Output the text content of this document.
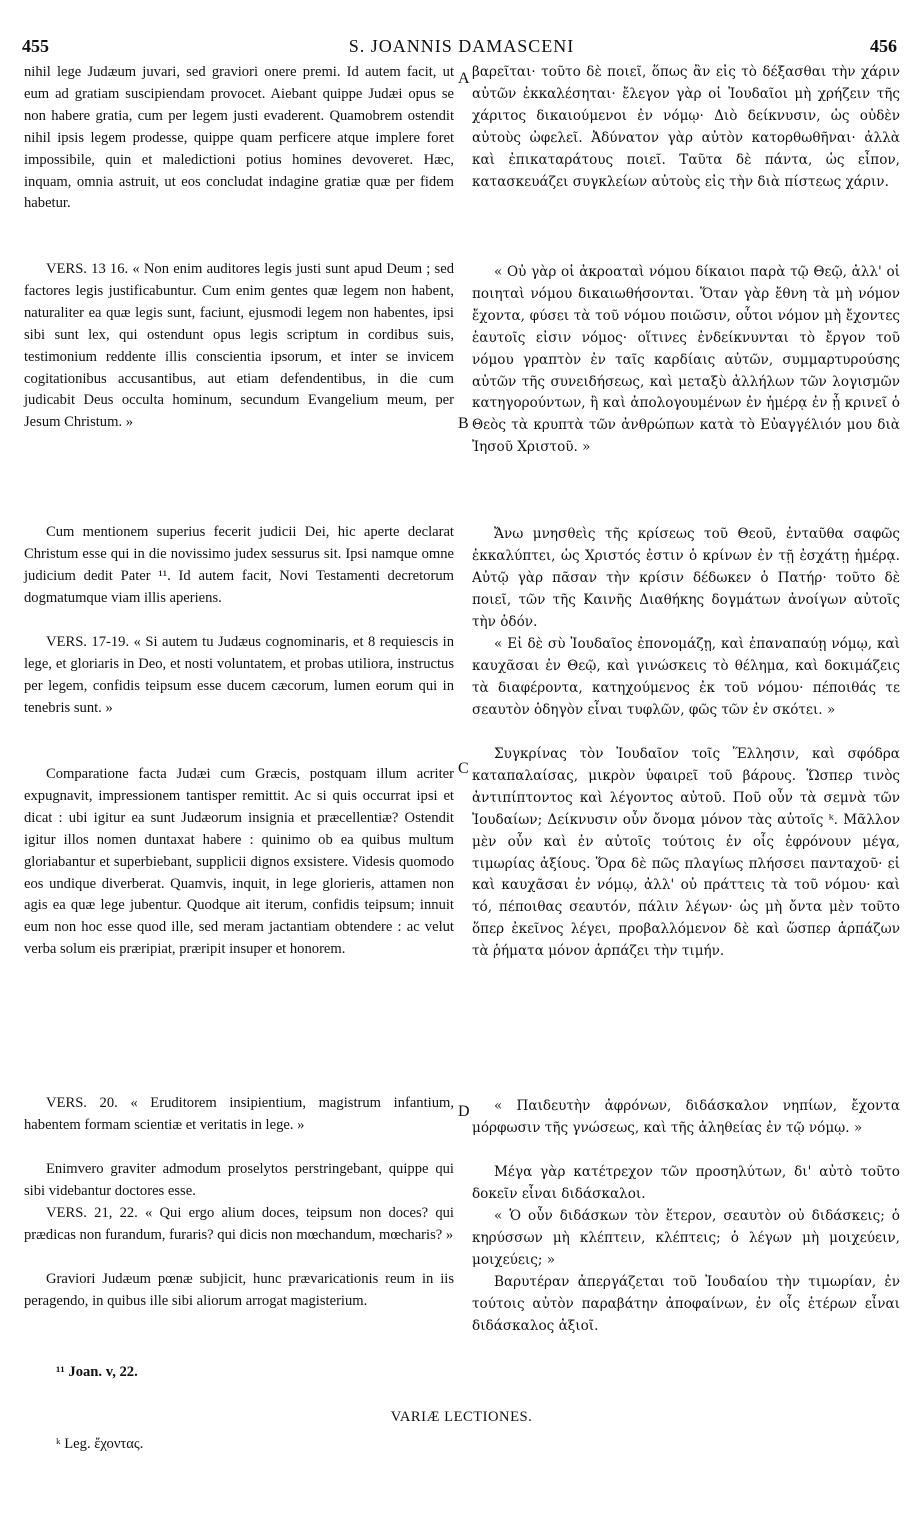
455	S. JOANNIS DAMASCENI	456

nihil lege Judæum juvari, sed graviori onere premi. Id autem facit, ut eum ad gratiam suscipiendam provocet. Aiebant quippe Judæi opus se non habere gratia, cum per legem justi evaderent. Quamobrem ostendit nihil ipsis legem prodesse, quippe quam perficere atque implere foret impossibile, quin et maledictioni potius homines devoveret. Hæc, inquam, omnia astruit, ut eos concludat indagine gratiæ quæ per fidem habetur.

VERS. 13 16. « Non enim auditores legis justi sunt apud Deum ; sed factores legis justificabuntur. Cum enim gentes quæ legem non habent, naturaliter ea quæ legis sunt, faciunt, ejusmodi legem non habentes, ipsi sibi sunt lex, qui ostendunt opus legis scriptum in cordibus suis, testimonium reddente illis conscientia ipsorum, et inter se invicem cogitationibus accusantibus, aut etiam defendentibus, in die cum judicabit Deus occulta hominum, secundum Evangelium meum, per Jesum Christum. »

Cum mentionem superius fecerit judicii Dei, hic aperte declarat Christum esse qui in die novissimo judex sessurus sit. Ipsi namque omne judicium dedit Pater ¹¹. Id autem facit, Novi Testamenti decretorum dogmatumque viam illis aperiens.

VERS. 17-19. « Si autem tu Judæus cognominaris, et 8 requiescis in lege, et gloriaris in Deo, et nosti voluntatem, et probas utiliora, instructus per legem, confidis teipsum esse ducem cæcorum, lumen eorum qui in tenebris sunt. »

Comparatione facta Judæi cum Græcis, postquam illum acriter expugnavit, impressionem tantisper remittit. Ac si quis occurrat ipsi et dicat : ubi igitur ea sunt Judæorum insignia et præcellentiæ? Ostendit igitur illos nomen duntaxat habere : quinimo ob ea quibus multum gloriabantur et superbiebant, supplicii dignos exsistere. Videsis quomodo eos undique diverberat. Quamvis, inquit, in lege glorieris, attamen non agis ea quæ lege jubentur. Quodque ait iterum, confidis teipsum; innuit eum non hoc esse quod ille, sed meram jactantiam obtendere : ac velut verba solum eis præripiat, præripit insuper et honorem.

VERS. 20. « Eruditorem insipientium, magistrum infantium, habentem formam scientiæ et veritatis in lege. »

Enimvero graviter admodum proselytos perstringebant, quippe qui sibi videbantur doctores esse.

VERS. 21, 22. « Qui ergo alium doces, teipsum non doces? qui prædicas non furandum, furaris? qui dicis non mœchandum, mœcharis? »

Graviori Judæum pœnæ subjicit, hunc prævaricationis reum in iis peragendo, in quibus ille sibi aliorum arrogat magisterium.

βαρεῖται· τοῦτο δὲ ποιεῖ, ὅπως ἂν εἰς τὸ δέξασθαι τὴν χάριν αὐτῶν ἐκκαλέσηται· ἔλεγον γὰρ οἱ Ἰουδαῖοι μὴ χρήζειν τῆς χάριτος δικαιούμενοι ἐν νόμῳ· Διὸ δείκνυσιν, ὡς οὐδὲν αὐτοὺς ὠφελεῖ. Ἀδύνατον γὰρ αὐτὸν κατορθωθῆναι· ἀλλὰ καὶ ἐπικαταράτους ποιεῖ. Ταῦτα δὲ πάντα, ὡς εἶπον, κατασκευάζει συγκλείων αὐτοὺς εἰς τὴν διὰ πίστεως χάριν.

« Οὐ γὰρ οἱ ἀκροαταὶ νόμου δίκαιοι παρὰ τῷ Θεῷ, ἀλλ' οἱ ποιηταὶ νόμου δικαιωθήσονται. Ὅταν γὰρ ἔθνη τὰ μὴ νόμον ἔχοντα, φύσει τὰ τοῦ νόμου ποιῶσιν, οὗτοι νόμον μὴ ἔχοντες ἑαυτοῖς εἰσιν νόμος· οἵτινες ἐνδείκνυνται τὸ ἔργον τοῦ νόμου γραπτὸν ἐν ταῖς καρδίαις αὐτῶν, συμμαρτυρούσης αὐτῶν τῆς συνειδήσεως, καὶ μεταξὺ ἀλλήλων τῶν λογισμῶν κατηγορούντων, ἢ καὶ ἀπολογουμένων ἐν ἡμέρᾳ ἐν ᾗ κρινεῖ ὁ Θεὸς τὰ κρυπτὰ τῶν ἀνθρώπων κατὰ τὸ Εὐαγγέλιόν μου διὰ Ἰησοῦ Χριστοῦ. »

Ἄνω μνησθεὶς τῆς κρίσεως τοῦ Θεοῦ, ἐνταῦθα σαφῶς ἐκκαλύπτει, ὡς Χριστός ἐστιν ὁ κρίνων ἐν τῇ ἐσχάτῃ ἡμέρᾳ. Αὐτῷ γὰρ πᾶσαν τὴν κρίσιν δέδωκεν ὁ Πατήρ· τοῦτο δὲ ποιεῖ, τῶν τῆς Καινῆς Διαθήκης δογμάτων ἀνοίγων αὐτοῖς τὴν ὁδόν.

« Εἰ δὲ σὺ Ἰουδαῖος ἐπονομάζῃ, καὶ ἐπαναπαύῃ νόμῳ, καὶ καυχᾶσαι ἐν Θεῷ, καὶ γινώσκεις τὸ θέλημα, καὶ δοκιμάζεις τὰ διαφέροντα, κατηχούμενος ἐκ τοῦ νόμου· πέποιθάς τε σεαυτὸν ὁδηγὸν εἶναι τυφλῶν, φῶς τῶν ἐν σκότει. »

Συγκρίνας τὸν Ἰουδαῖον τοῖς Ἕλλησιν, καὶ σφόδρα καταπαλαίσας, μικρὸν ὑφαιρεῖ τοῦ βάρους. Ὥσπερ τινὸς ἀντιπίπτοντος καὶ λέγοντος αὐτοῦ. Ποῦ οὖν τὰ σεμνὰ τῶν Ἰουδαίων; Δείκνυσιν οὖν ὄνομα μόνον τὰς αὐτοῖς ᵏ. Μᾶλλον μὲν οὖν καὶ ἐν αὐτοῖς τούτοις ἐν οἷς ἐφρόνουν μέγα, τιμωρίας ἀξίους. Ὅρα δὲ πῶς πλαγίως πλήσσει πανταχοῦ· εἰ καὶ καυχᾶσαι ἐν νόμῳ, ἀλλ' οὐ πράττεις τὰ τοῦ νόμου· καὶ τό, πέποιθας σεαυτόν, πάλιν λέγων· ὡς μὴ ὄντα μὲν τοῦτο ὅπερ ἐκεῖνος λέγει, προβαλλόμενον δὲ καὶ ὥσπερ ἁρπάζων τὰ ῥήματα μόνον ἁρπάζει τὴν τιμήν.

« Παιδευτὴν ἀφρόνων, διδάσκαλον νηπίων, ἔχοντα μόρφωσιν τῆς γνώσεως, καὶ τῆς ἀληθείας ἐν τῷ νόμῳ. »

Μέγα γὰρ κατέτρεχον τῶν προσηλύτων, δι' αὐτὸ τοῦτο δοκεῖν εἶναι διδάσκαλοι.

« Ὁ οὖν διδάσκων τὸν ἕτερον, σεαυτὸν οὐ διδάσκεις; ὁ κηρύσσων μὴ κλέπτειν, κλέπτεις; ὁ λέγων μὴ μοιχεύειν, μοιχεύεις; »

Βαρυτέραν ἀπεργάζεται τοῦ Ἰουδαίου τὴν τιμωρίαν, ἐν τούτοις αὐτὸν παραβάτην ἀποφαίνων, ἐν οἷς ἑτέρων εἶναι διδάσκαλος ἀξιοῖ.

A
B
C
D
¹¹ Joan. v, 22.
VARIÆ LECTIONES.
ᵏ Leg. ἔχοντας.
